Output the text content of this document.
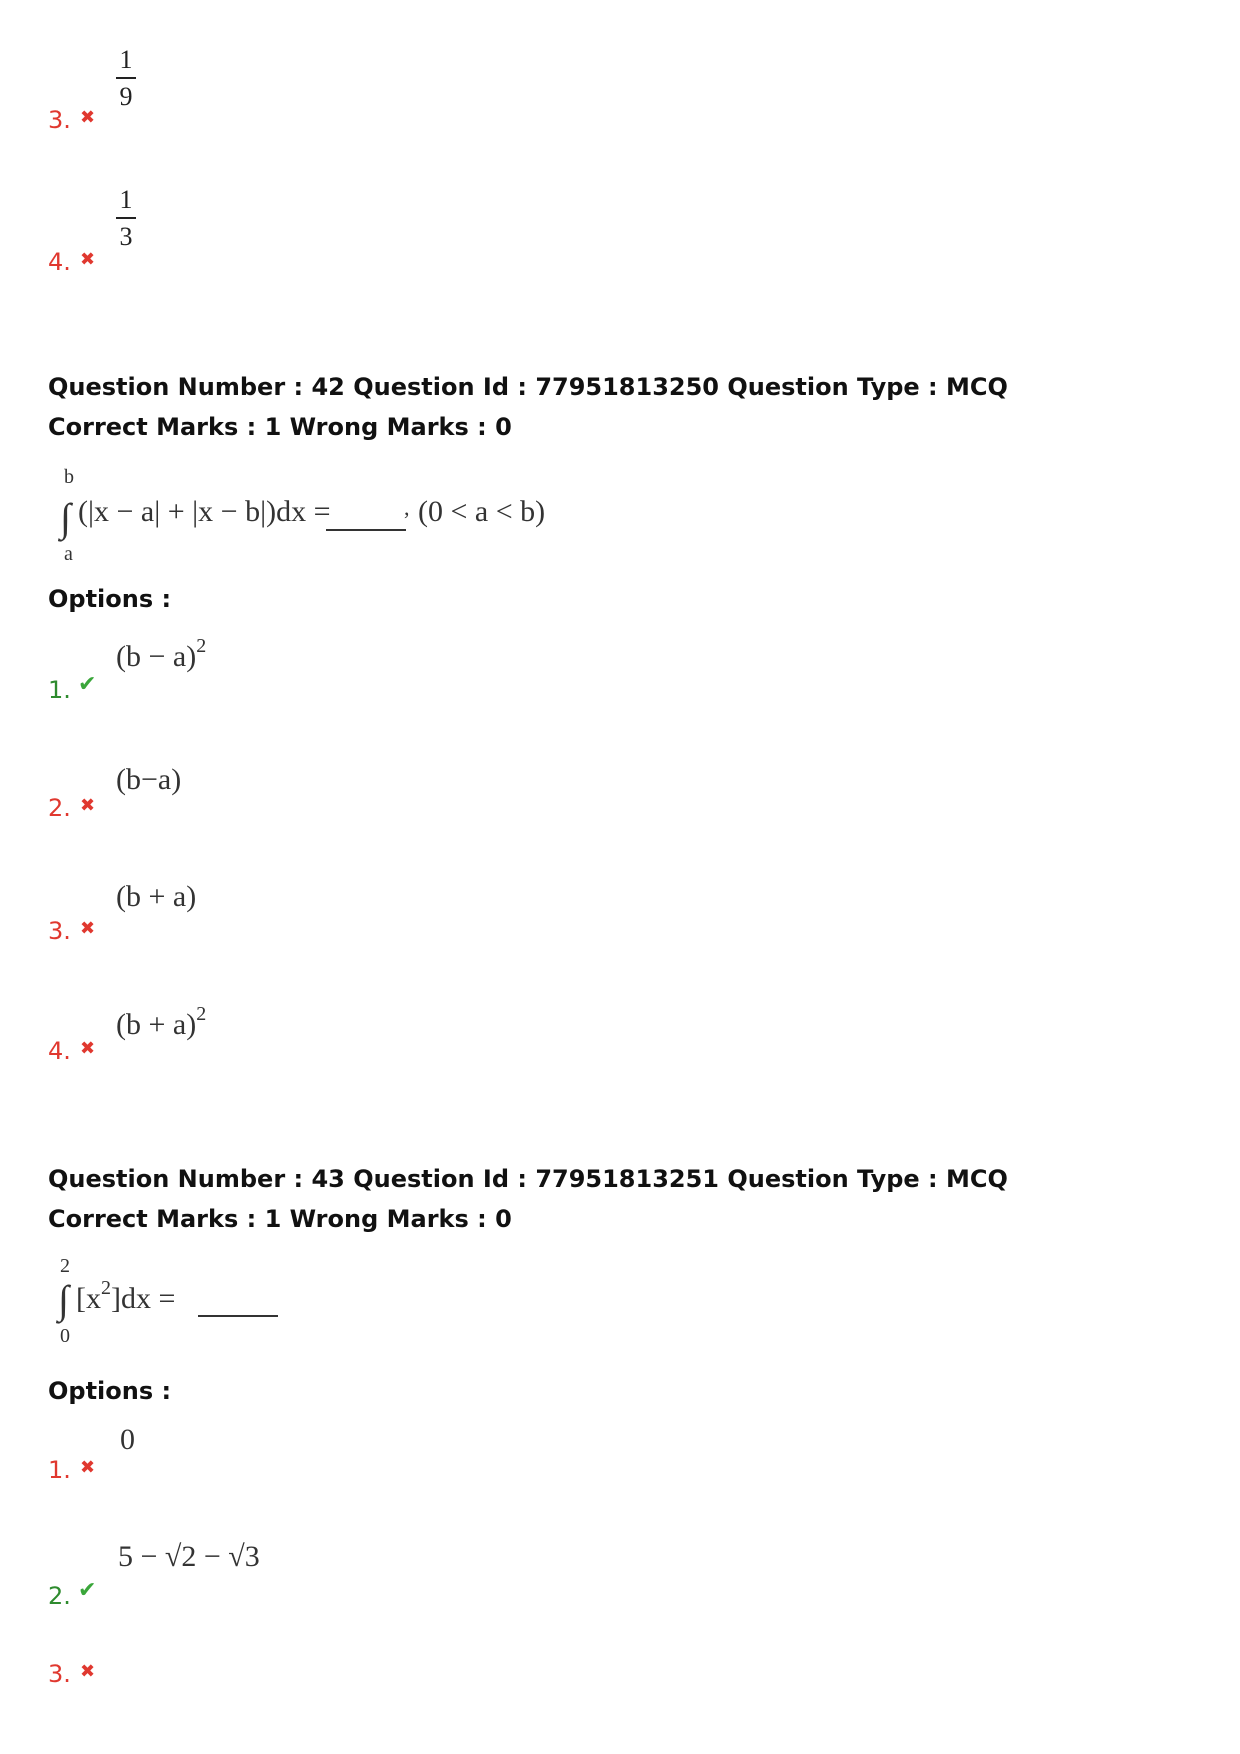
1
9
3. ✖
1
3
4. ✖
Question Number : 42 Question Id : 77951813250 Question Type : MCQ
Correct Marks : 1 Wrong Marks : 0
b
∫
a
(|x − a| + |x − b|)dx =	, (0 < a < b)
Options :
$(b - a)^2$
1. ✔
(b−a)
2. ✖
(b + a)
3. ✖
$(b + a)^2$
4. ✖
Question Number : 43 Question Id : 77951813251 Question Type : MCQ
Correct Marks : 1 Wrong Marks : 0
2
∫
0
$[x^2]dx$ =
Options :
0
1. ✖
5 − √2 − √3
2. ✔
3. ✖
